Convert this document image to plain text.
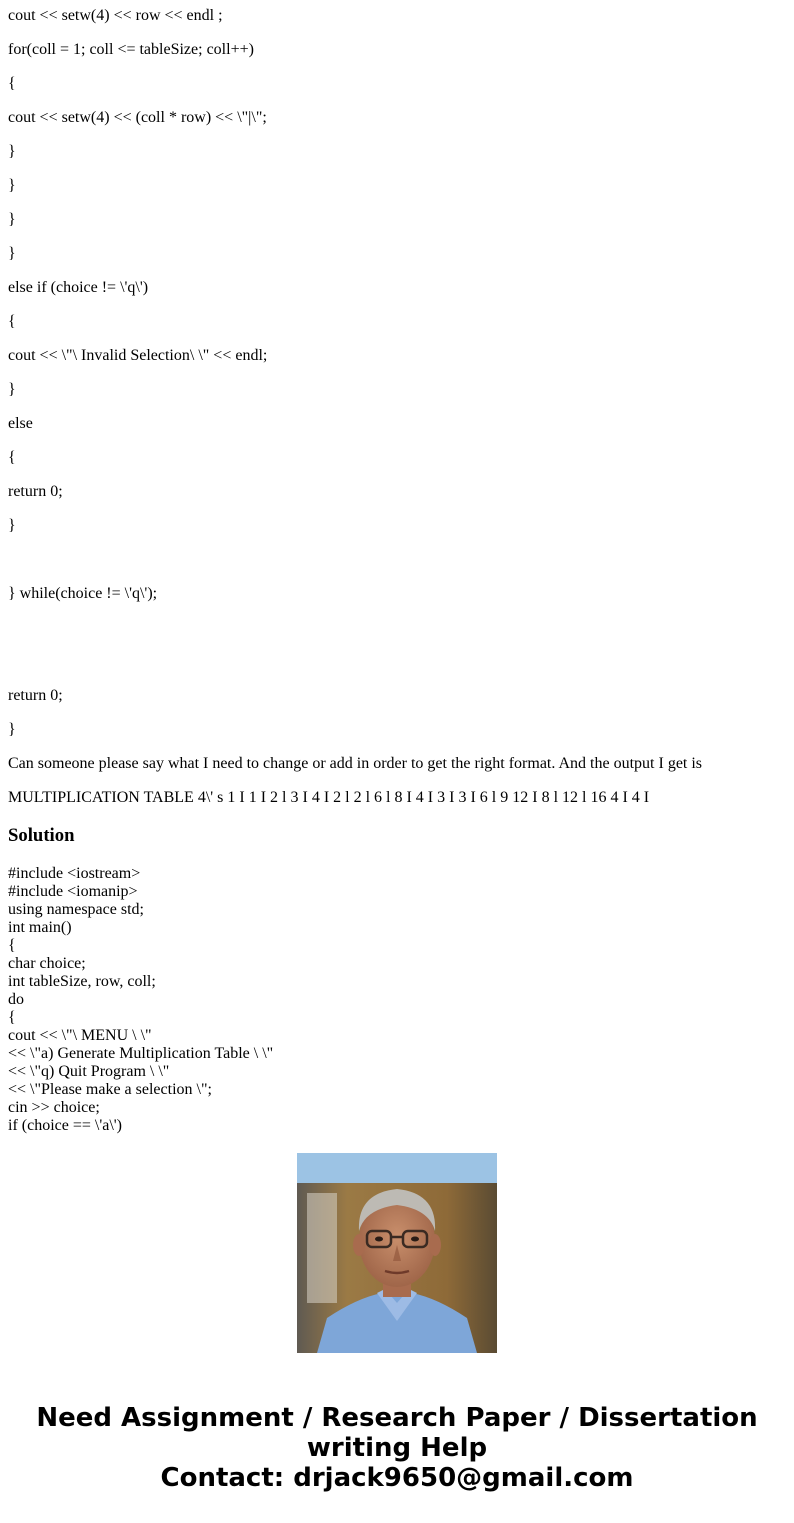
cout << setw(4) << row << endl ;

for(coll = 1; coll <= tableSize; coll++)

{

cout << setw(4) << (coll * row) << \"|\";

}

}

}

}

else if (choice != \'q\')

{

cout << \"\ Invalid Selection\ \" << endl;

}

else

{

return 0;

}

} while(choice != \'q\');

return 0;

}

Can someone please say what I need to change or add in order to get the right format. And the output I get is

MULTIPLICATION TABLE 4\' s 1 I 1 I 2 l 3 I 4 I 2 l 2 l 6 l 8 I 4 I 3 I 3 I 6 l 9 12 I 8 l 12 l 16 4 I 4 I

Solution
#include <iostream>
#include <iomanip>
using namespace std;
int main()
{
char choice;
int tableSize, row, coll;
do
{
cout << \"\ MENU \ \"
<< \"a) Generate Multiplication Table \ \"
<< \"q) Quit Program \ \"
<< \"Please make a selection \";
cin >> choice;
if (choice == \'a\')
Need Assignment / Research Paper / Dissertation
writing Help
Contact: drjack9650@gmail.com
